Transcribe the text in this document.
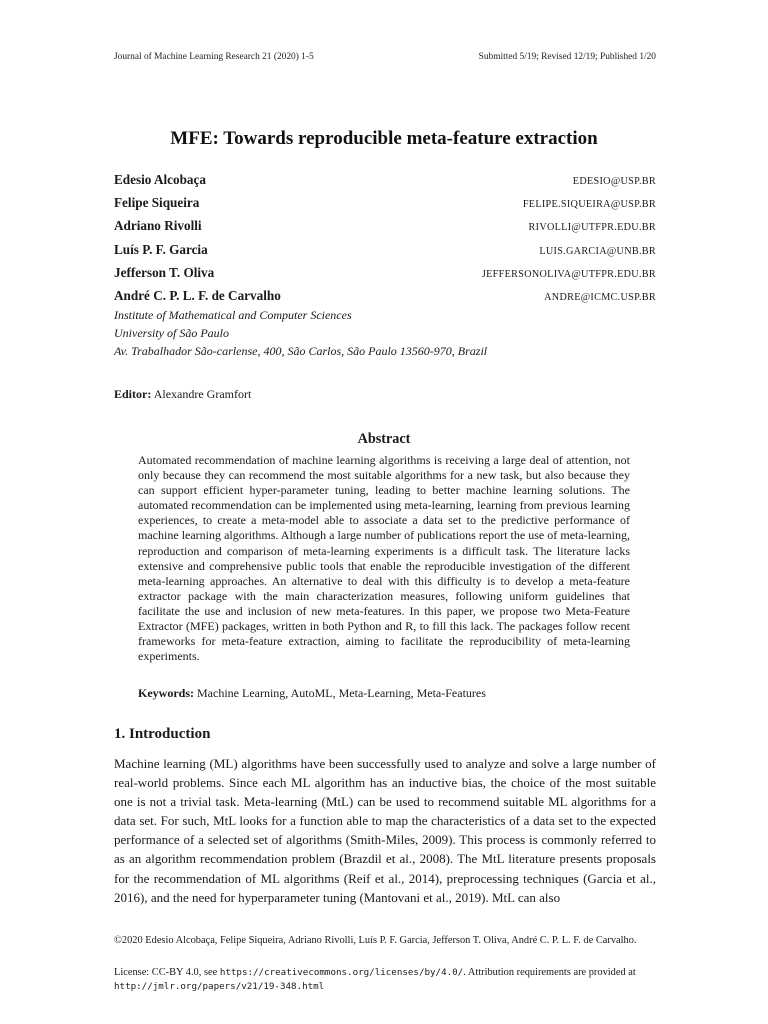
Journal of Machine Learning Research 21 (2020) 1-5	Submitted 5/19; Revised 12/19; Published 1/20
MFE: Towards reproducible meta-feature extraction
Edesio Alcobaça	EDESIO@USP.BR
Felipe Siqueira	FELIPE.SIQUEIRA@USP.BR
Adriano Rivolli	RIVOLLI@UTFPR.EDU.BR
Luís P. F. Garcia	LUIS.GARCIA@UNB.BR
Jefferson T. Oliva	JEFFERSONOLIVA@UTFPR.EDU.BR
André C. P. L. F. de Carvalho	ANDRE@ICMC.USP.BR
Institute of Mathematical and Computer Sciences
University of São Paulo
Av. Trabalhador São-carlense, 400, São Carlos, São Paulo 13560-970, Brazil
Editor: Alexandre Gramfort
Abstract
Automated recommendation of machine learning algorithms is receiving a large deal of attention, not only because they can recommend the most suitable algorithms for a new task, but also because they can support efficient hyper-parameter tuning, leading to better machine learning solutions. The automated recommendation can be implemented using meta-learning, learning from previous learning experiences, to create a meta-model able to associate a data set to the predictive performance of machine learning algorithms. Although a large number of publications report the use of meta-learning, reproduction and comparison of meta-learning experiments is a difficult task. The literature lacks extensive and comprehensive public tools that enable the reproducible investigation of the different meta-learning approaches. An alternative to deal with this difficulty is to develop a meta-feature extractor package with the main characterization measures, following uniform guidelines that facilitate the use and inclusion of new meta-features. In this paper, we propose two Meta-Feature Extractor (MFE) packages, written in both Python and R, to fill this lack. The packages follow recent frameworks for meta-feature extraction, aiming to facilitate the reproducibility of meta-learning experiments.
Keywords: Machine Learning, AutoML, Meta-Learning, Meta-Features
1. Introduction
Machine learning (ML) algorithms have been successfully used to analyze and solve a large number of real-world problems. Since each ML algorithm has an inductive bias, the choice of the most suitable one is not a trivial task. Meta-learning (MtL) can be used to recommend suitable ML algorithms for a data set. For such, MtL looks for a function able to map the characteristics of a data set to the expected performance of a selected set of algorithms (Smith-Miles, 2009). This process is commonly referred to as an algorithm recommendation problem (Brazdil et al., 2008). The MtL literature presents proposals for the recommendation of ML algorithms (Reif et al., 2014), preprocessing techniques (Garcia et al., 2016), and the need for hyperparameter tuning (Mantovani et al., 2019). MtL can also
©2020 Edesio Alcobaça, Felipe Siqueira, Adriano Rivolli, Luís P. F. Garcia, Jefferson T. Oliva, André C. P. L. F. de Carvalho.
License: CC-BY 4.0, see https://creativecommons.org/licenses/by/4.0/. Attribution requirements are provided at http://jmlr.org/papers/v21/19-348.html
